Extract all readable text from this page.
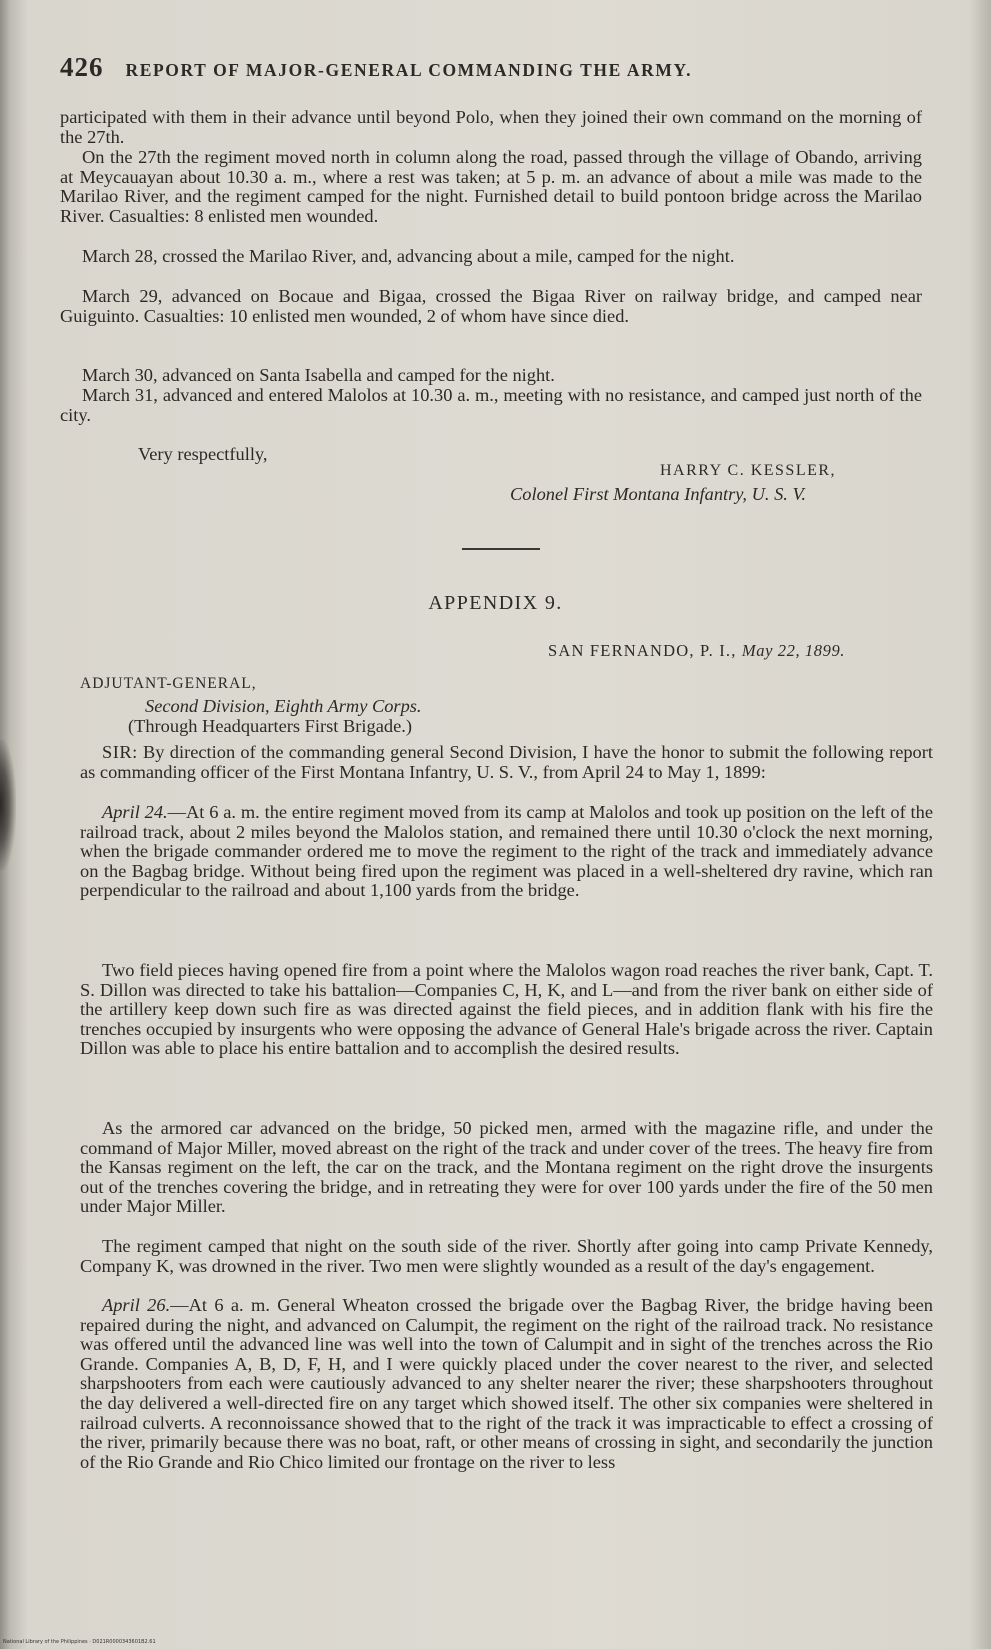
426 REPORT OF MAJOR-GENERAL COMMANDING THE ARMY.

participated with them in their advance until beyond Polo, when they joined their own command on the morning of the 27th.

On the 27th the regiment moved north in column along the road, passed through the village of Obando, arriving at Meycauayan about 10.30 a. m., where a rest was taken; at 5 p. m. an advance of about a mile was made to the Marilao River, and the regiment camped for the night. Furnished detail to build pontoon bridge across the Marilao River. Casualties: 8 enlisted men wounded.

March 28, crossed the Marilao River, and, advancing about a mile, camped for the night.

March 29, advanced on Bocaue and Bigaa, crossed the Bigaa River on railway bridge, and camped near Guiguinto. Casualties: 10 enlisted men wounded, 2 of whom have since died.

March 30, advanced on Santa Isabella and camped for the night.

March 31, advanced and entered Malolos at 10.30 a. m., meeting with no resistance, and camped just north of the city.

Very respectfully,

HARRY C. KESSLER,

Colonel First Montana Infantry, U. S. V.

APPENDIX 9.

SAN FERNANDO, P. I., May 22, 1899.

ADJUTANT-GENERAL,

Second Division, Eighth Army Corps.

(Through Headquarters First Brigade.)

SIR: By direction of the commanding general Second Division, I have the honor to submit the following report as commanding officer of the First Montana Infantry, U. S. V., from April 24 to May 1, 1899:

April 24.—At 6 a. m. the entire regiment moved from its camp at Malolos and took up position on the left of the railroad track, about 2 miles beyond the Malolos station, and remained there until 10.30 o'clock the next morning, when the brigade commander ordered me to move the regiment to the right of the track and immediately advance on the Bagbag bridge. Without being fired upon the regiment was placed in a well-sheltered dry ravine, which ran perpendicular to the railroad and about 1,100 yards from the bridge.

Two field pieces having opened fire from a point where the Malolos wagon road reaches the river bank, Capt. T. S. Dillon was directed to take his battalion—Companies C, H, K, and L—and from the river bank on either side of the artillery keep down such fire as was directed against the field pieces, and in addition flank with his fire the trenches occupied by insurgents who were opposing the advance of General Hale's brigade across the river. Captain Dillon was able to place his entire battalion and to accomplish the desired results.

As the armored car advanced on the bridge, 50 picked men, armed with the magazine rifle, and under the command of Major Miller, moved abreast on the right of the track and under cover of the trees. The heavy fire from the Kansas regiment on the left, the car on the track, and the Montana regiment on the right drove the insurgents out of the trenches covering the bridge, and in retreating they were for over 100 yards under the fire of the 50 men under Major Miller.

The regiment camped that night on the south side of the river. Shortly after going into camp Private Kennedy, Company K, was drowned in the river. Two men were slightly wounded as a result of the day's engagement.

April 26.—At 6 a. m. General Wheaton crossed the brigade over the Bagbag River, the bridge having been repaired during the night, and advanced on Calumpit, the regiment on the right of the railroad track. No resistance was offered until the advanced line was well into the town of Calumpit and in sight of the trenches across the Rio Grande. Companies A, B, D, F, H, and I were quickly placed under the cover nearest to the river, and selected sharpshooters from each were cautiously advanced to any shelter nearer the river; these sharpshooters throughout the day delivered a well-directed fire on any target which showed itself. The other six companies were sheltered in railroad culverts. A reconnoissance showed that to the right of the track it was impracticable to effect a crossing of the river, primarily because there was no boat, raft, or other means of crossing in sight, and secondarily the junction of the Rio Grande and Rio Chico limited our frontage on the river to less

National Library of the Philippines · D021R0000343601B2.61
